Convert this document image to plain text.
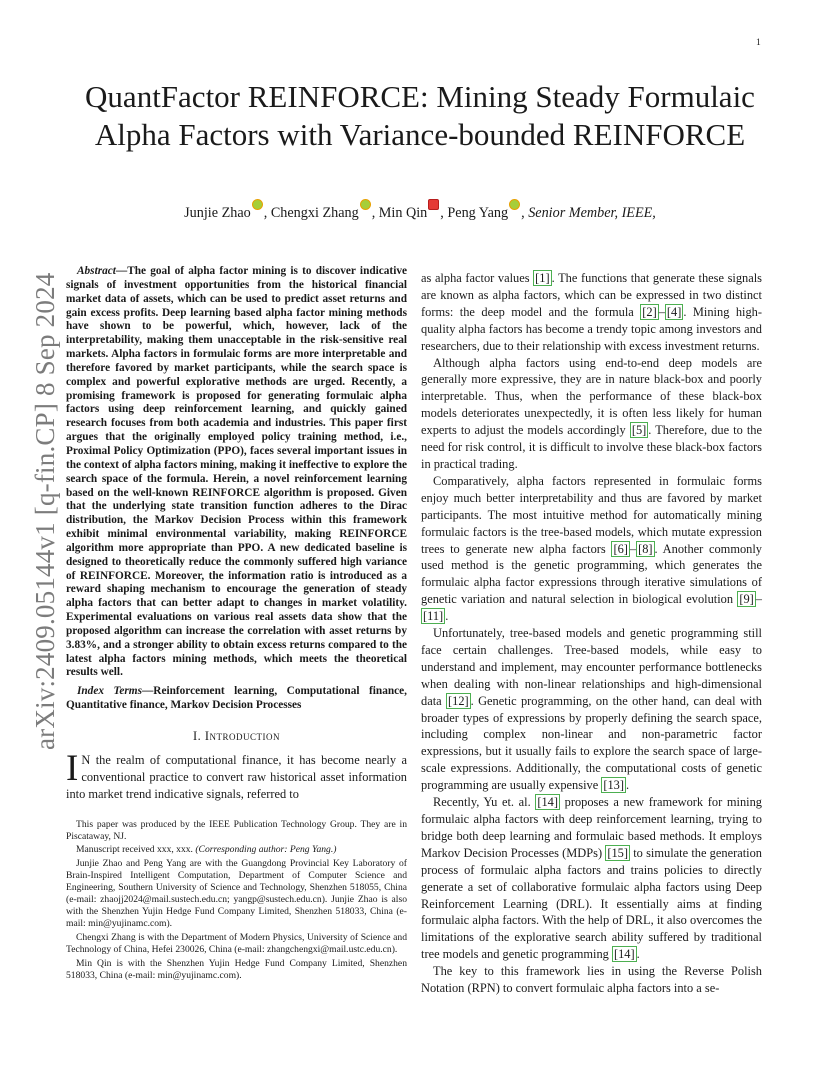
1
arXiv:2409.05144v1 [q-fin.CP] 8 Sep 2024
QuantFactor REINFORCE: Mining Steady Formulaic Alpha Factors with Variance-bounded REINFORCE
Junjie Zhao , Chengxi Zhang , Min Qin , Peng Yang , Senior Member, IEEE,

Abstract—The goal of alpha factor mining is to discover indicative signals of investment opportunities from the historical financial market data of assets, which can be used to predict asset returns and gain excess profits. Deep learning based alpha factor mining methods have shown to be powerful, which, however, lack of the interpretability, making them unacceptable in the risk-sensitive real markets. Alpha factors in formulaic forms are more interpretable and therefore favored by market participants, while the search space is complex and powerful explorative methods are urged. Recently, a promising framework is proposed for generating formulaic alpha factors using deep reinforcement learning, and quickly gained research focuses from both academia and industries. This paper first argues that the originally employed policy training method, i.e., Proximal Policy Optimization (PPO), faces several important issues in the context of alpha factors mining, making it ineffective to explore the search space of the formula. Herein, a novel reinforcement learning based on the well-known REINFORCE algorithm is proposed. Given that the underlying state transition function adheres to the Dirac distribution, the Markov Decision Process within this framework exhibit minimal environmental variability, making REINFORCE algorithm more appropriate than PPO. A new dedicated baseline is designed to theoretically reduce the commonly suffered high variance of REINFORCE. Moreover, the information ratio is introduced as a reward shaping mechanism to encourage the generation of steady alpha factors that can better adapt to changes in market volatility. Experimental evaluations on various real assets data show that the proposed algorithm can increase the correlation with asset returns by 3.83%, and a stronger ability to obtain excess returns compared to the latest alpha factors mining methods, which meets the theoretical results well.

Index Terms—Reinforcement learning, Computational finance, Quantitative finance, Markov Decision Processes

I. Introduction

I N the realm of computational finance, it has become nearly a conventional practice to convert raw historical asset information into market trend indicative signals, referred to

This paper was produced by the IEEE Publication Technology Group. They are in Piscataway, NJ.

Manuscript received xxx, xxx. (Corresponding author: Peng Yang.)

Junjie Zhao and Peng Yang are with the Guangdong Provincial Key Laboratory of Brain-Inspired Intelligent Computation, Department of Computer Science and Engineering, Southern University of Science and Technology, Shenzhen 518055, China (e-mail: zhaojj2024@mail.sustech.edu.cn; yangp@sustech.edu.cn). Junjie Zhao is also with the Shenzhen Yujin Hedge Fund Company Limited, Shenzhen 518033, China (e-mail: min@yujinamc.com).

Chengxi Zhang is with the Department of Modern Physics, University of Science and Technology of China, Hefei 230026, China (e-mail: zhangchengxi@mail.ustc.edu.cn).

Min Qin is with the Shenzhen Yujin Hedge Fund Company Limited, Shenzhen 518033, China (e-mail: min@yujinamc.com).

as alpha factor values [1] . The functions that generate these signals are known as alpha factors, which can be expressed in two distinct forms: the deep model and the formula [2] – [4] . Mining high-quality alpha factors has become a trendy topic among investors and researchers, due to their relationship with excess investment returns.

Although alpha factors using end-to-end deep models are generally more expressive, they are in nature black-box and poorly interpretable. Thus, when the performance of these black-box models deteriorates unexpectedly, it is often less likely for human experts to adjust the models accordingly [5] . Therefore, due to the need for risk control, it is difficult to involve these black-box factors in practical trading.

Comparatively, alpha factors represented in formulaic forms enjoy much better interpretability and thus are favored by market participants. The most intuitive method for automatically mining formulaic factors is the tree-based models, which mutate expression trees to generate new alpha factors [6] – [8] . Another commonly used method is the genetic programming, which generates the formulaic alpha factor expressions through iterative simulations of genetic variation and natural selection in biological evolution [9] –[11] .

Unfortunately, tree-based models and genetic programming still face certain challenges. Tree-based models, while easy to understand and implement, may encounter performance bottlenecks when dealing with non-linear relationships and high-dimensional data [12] . Genetic programming, on the other hand, can deal with broader types of expressions by properly defining the search space, including complex non-linear and non-parametric factor expressions, but it usually fails to explore the search space of large-scale expressions. Additionally, the computational costs of genetic programming are usually expensive [13] .

Recently, Yu et. al. [14] proposes a new framework for mining formulaic alpha factors with deep reinforcement learning, trying to bridge both deep learning and formulaic based methods. It employs Markov Decision Processes (MDPs) [15] to simulate the generation process of formulaic alpha factors and trains policies to directly generate a set of collaborative formulaic alpha factors using Deep Reinforcement Learning (DRL). It essentially aims at finding formulaic alpha factors. With the help of DRL, it also overcomes the limitations of the explorative search ability suffered by traditional tree models and genetic programming [14] .

The key to this framework lies in using the Reverse Polish Notation (RPN) to convert formulaic alpha factors into a se-
